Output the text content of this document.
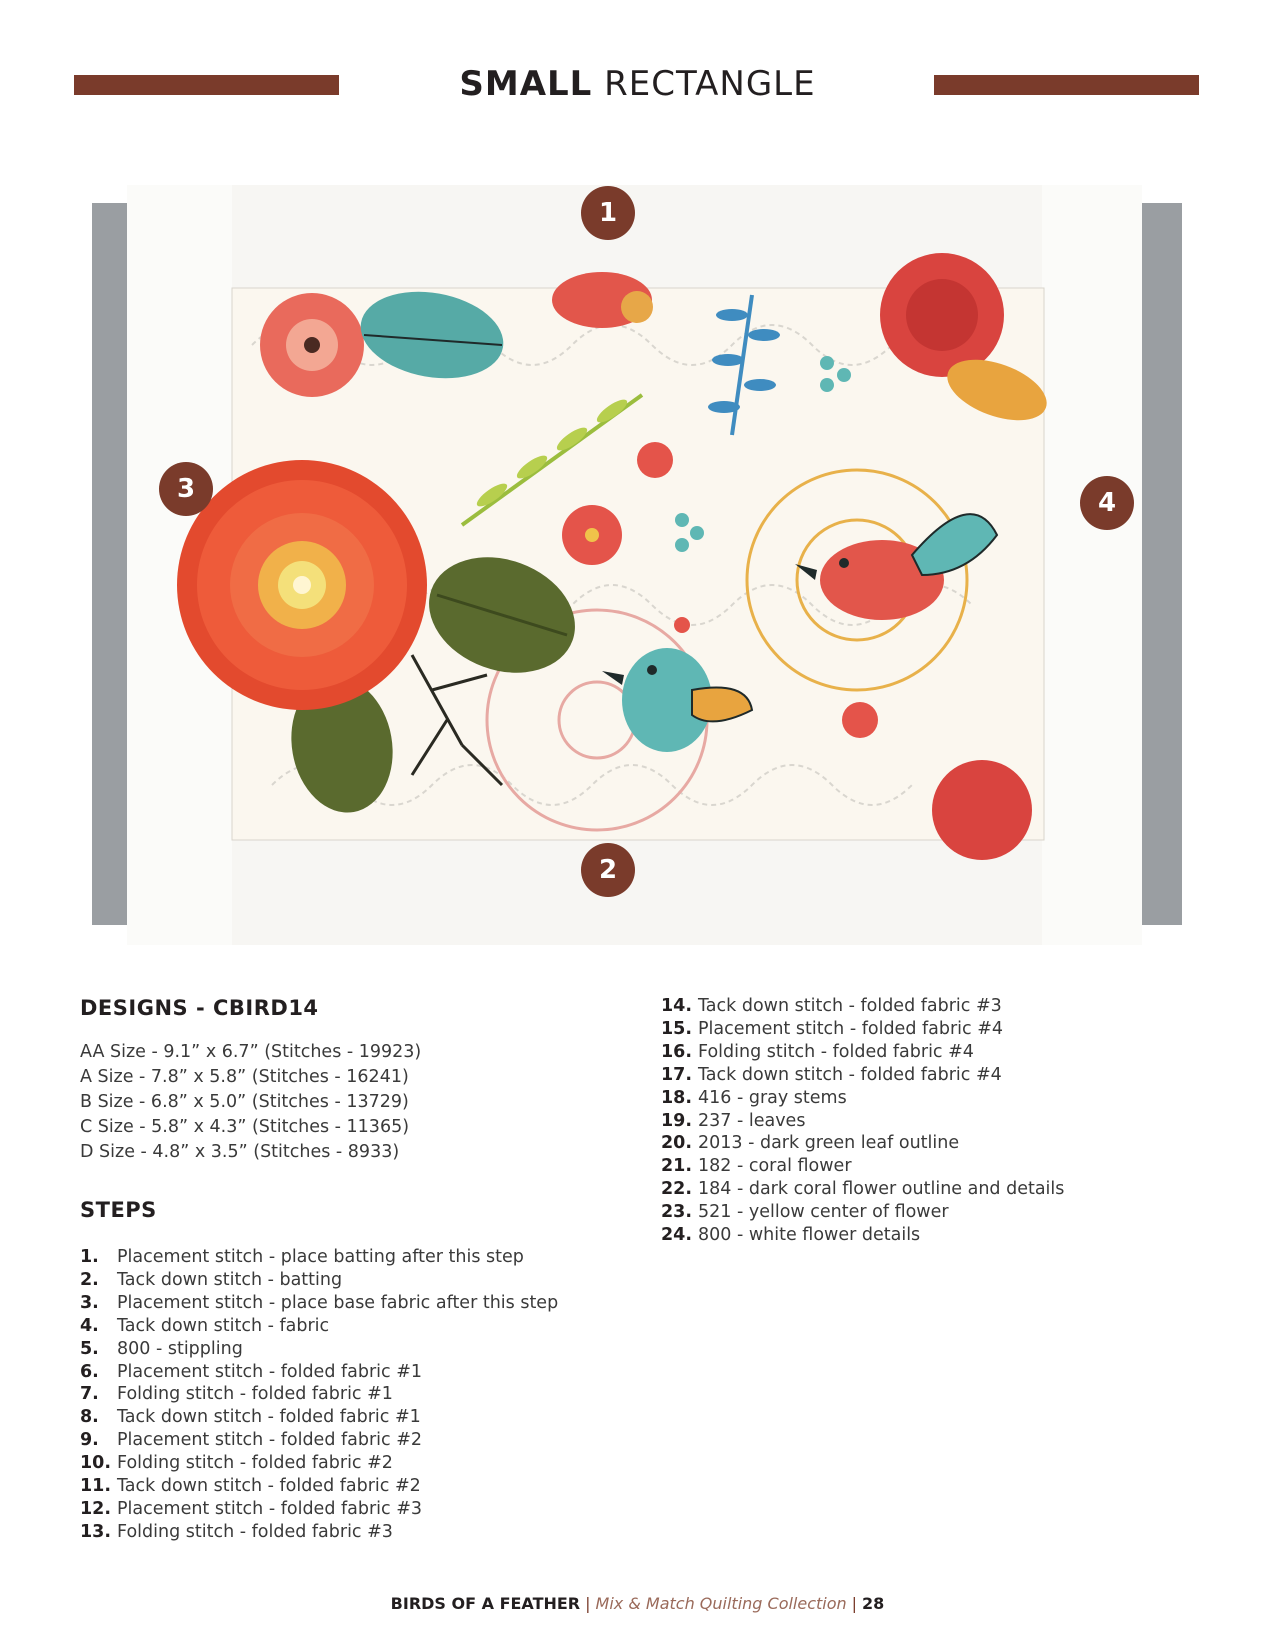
SMALL RECTANGLE
1
2
3	4
DESIGNS - CBIRD14
AA Size - 9.1” x 6.7” (Stitches - 19923)
A Size - 7.8” x 5.8” (Stitches - 16241)
B Size - 6.8” x 5.0” (Stitches - 13729)
C Size - 5.8” x 4.3” (Stitches - 11365)
D Size - 4.8” x 3.5” (Stitches - 8933)
STEPS
1. Placement stitch - place batting after this step
2. Tack down stitch - batting
3. Placement stitch - place base fabric after this step
4. Tack down stitch - fabric
5. 800 - stippling
6. Placement stitch - folded fabric #1
7. Folding stitch - folded fabric #1
8. Tack down stitch - folded fabric #1
9. Placement stitch - folded fabric #2
10. Folding stitch - folded fabric #2
11. Tack down stitch - folded fabric #2
12. Placement stitch - folded fabric #3
13. Folding stitch - folded fabric #3
14. Tack down stitch - folded fabric #3
15. Placement stitch - folded fabric #4
16. Folding stitch - folded fabric #4
17. Tack down stitch - folded fabric #4
18. 416 - gray stems
19. 237 - leaves
20. 2013 - dark green leaf outline
21. 182 - coral flower
22. 184 - dark coral flower outline and details
23. 521 - yellow center of flower
24. 800 - white flower details
BIRDS OF A FEATHER | Mix & Match Quilting Collection | 28
